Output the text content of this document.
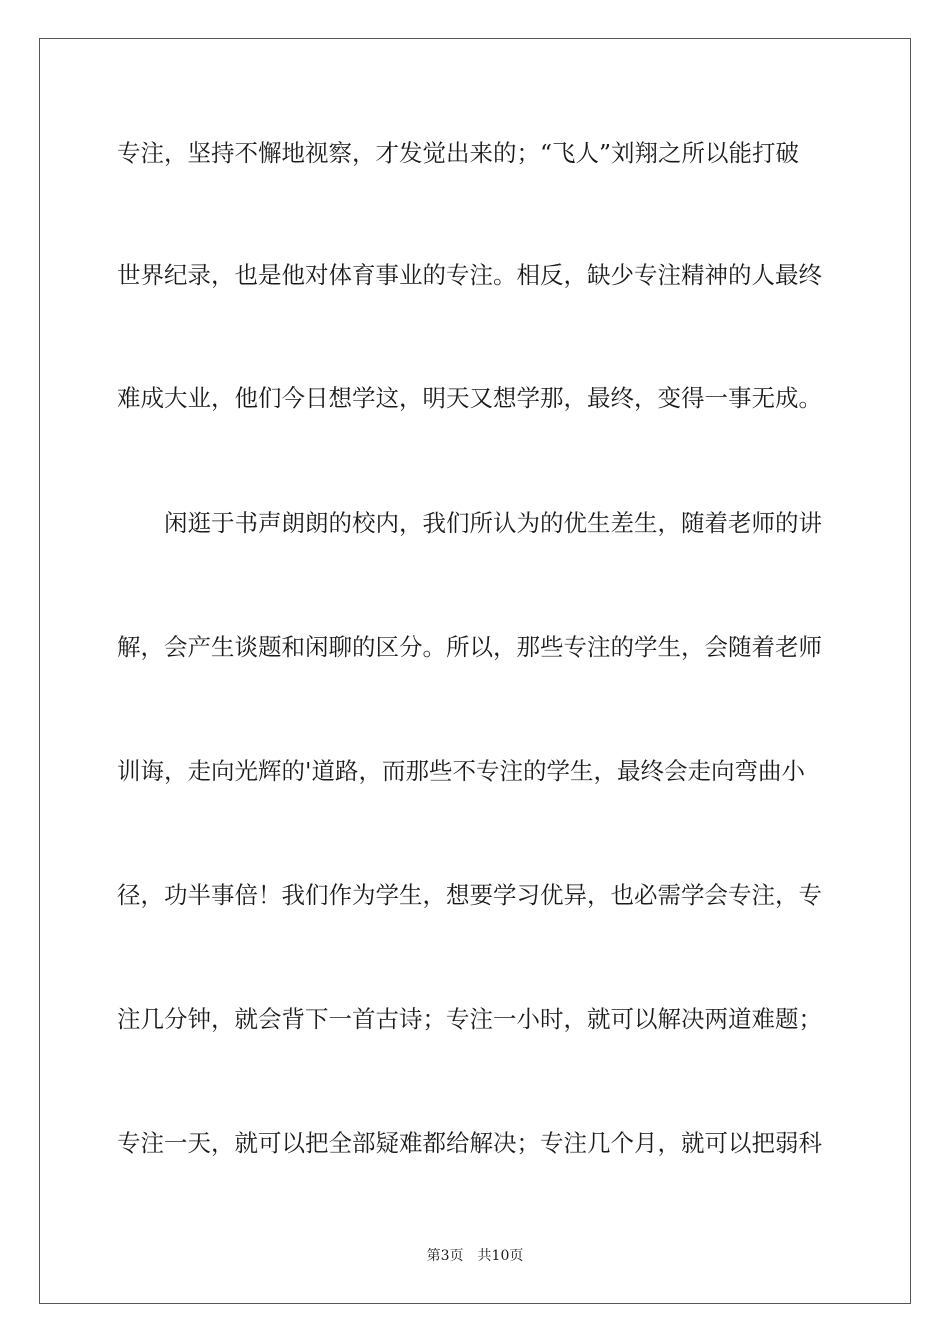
专注，坚持不懈地视察，才发觉出来的；“飞人”刘翔之所以能打破
世界纪录，也是他对体育事业的专注。相反，缺少专注精神的人最终
难成大业，他们今日想学这，明天又想学那，最终，变得一事无成。
闲逛于书声朗朗的校内，我们所认为的优生差生，随着老师的讲
解，会产生谈题和闲聊的区分。所以，那些专注的学生，会随着老师
训诲，走向光辉的'道路，而那些不专注的学生，最终会走向弯曲小
径，功半事倍！我们作为学生，想要学习优异，也必需学会专注，专
注几分钟，就会背下一首古诗；专注一小时，就可以解决两道难题；
专注一天，就可以把全部疑难都给解决；专注几个月，就可以把弱科
第3页 共10页
